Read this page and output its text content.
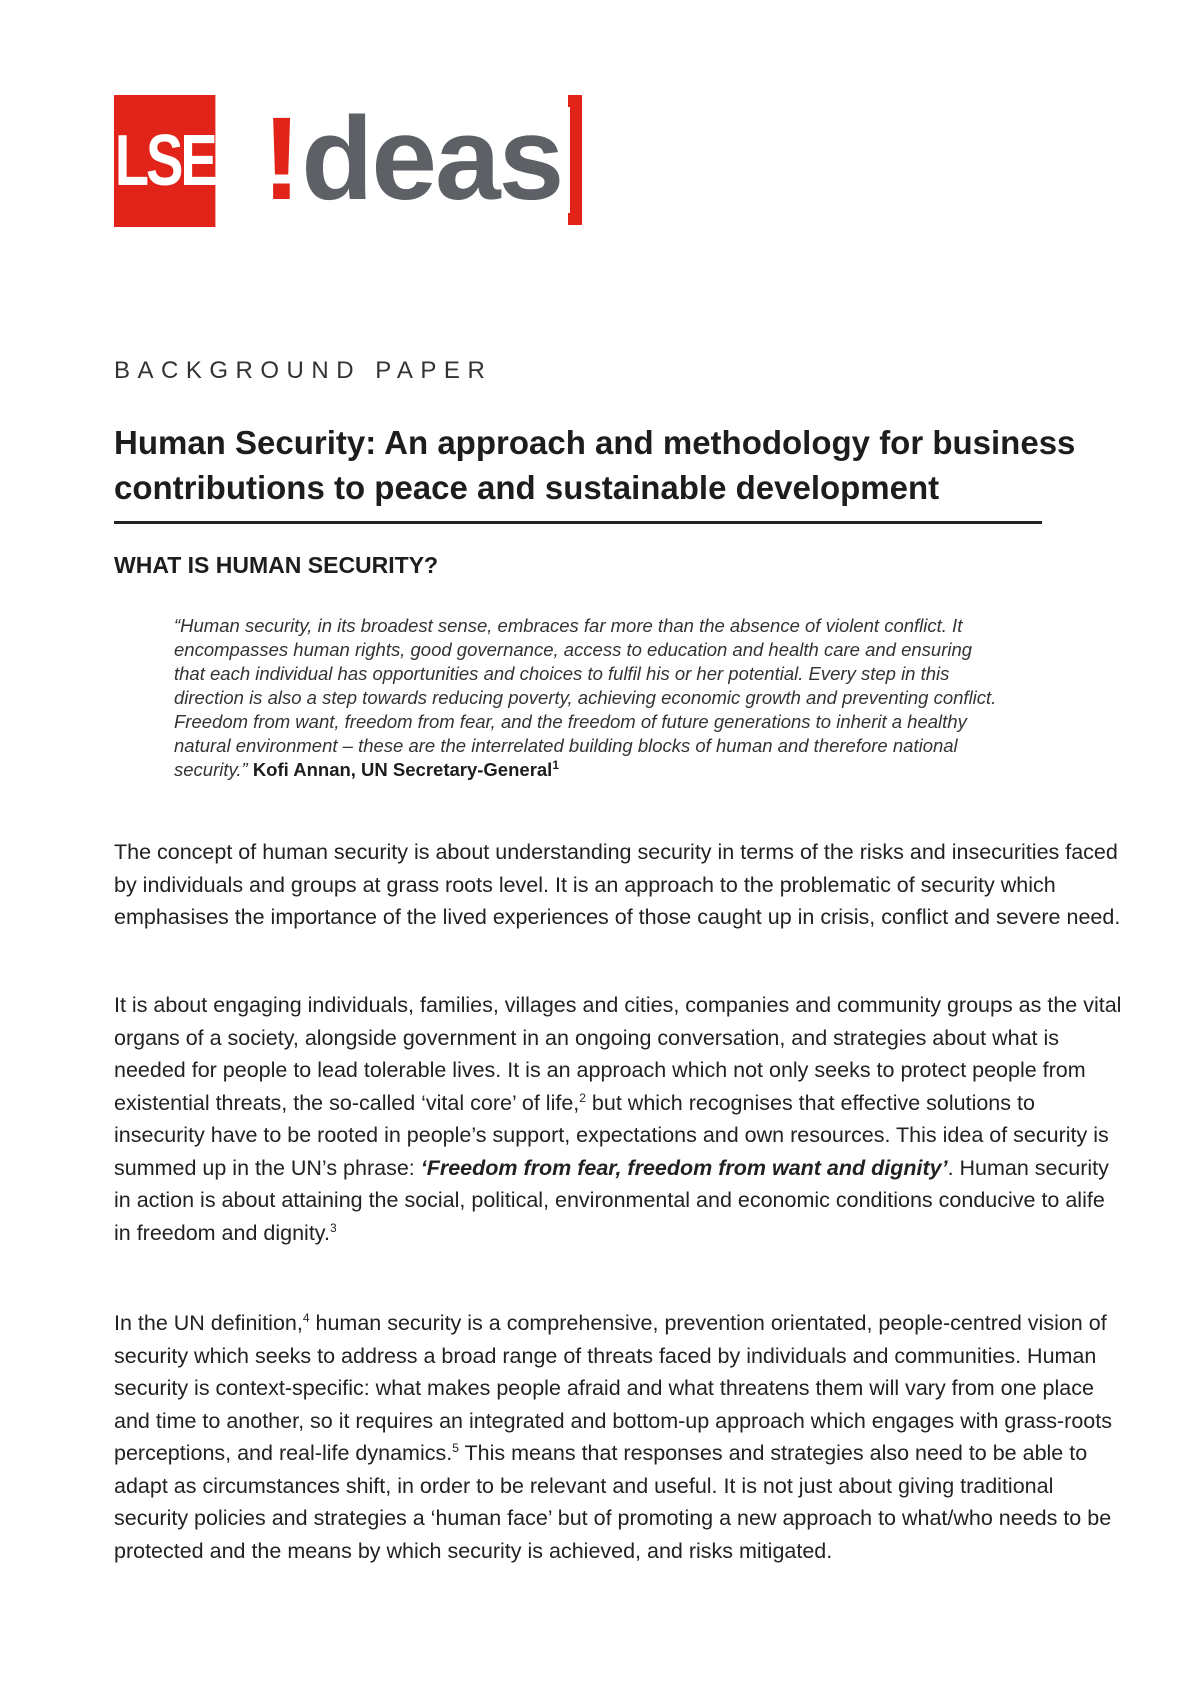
LSE ! deas
BACKGROUND PAPER
Human Security: An approach and methodology for business contributions to peace and sustainable development
WHAT IS HUMAN SECURITY?

“Human security, in its broadest sense, embraces far more than the absence of violent conflict. It encompasses human rights, good governance, access to education and health care and ensuring that each individual has opportunities and choices to fulfil his or her potential. Every step in this direction is also a step towards reducing poverty, achieving economic growth and preventing conflict. Freedom from want, freedom from fear, and the freedom of future generations to inherit a healthy natural environment – these are the interrelated building blocks of human and therefore national security.” Kofi Annan, UN Secretary-General$^1$

The concept of human security is about understanding security in terms of the risks and insecurities faced by individuals and groups at grass roots level. It is an approach to the problematic of security which emphasises the importance of the lived experiences of those caught up in crisis, conflict and severe need.

It is about engaging individuals, families, villages and cities, companies and community groups as the vital organs of a society, alongside government in an ongoing conversation, and strategies about what is needed for people to lead tolerable lives. It is an approach which not only seeks to protect people from existential threats, the so-called ‘vital core’ of life,$^2$ but which recognises that effective solutions to insecurity have to be rooted in people’s support, expectations and own resources. This idea of security is summed up in the UN’s phrase: ‘Freedom from fear, freedom from want and dignity’. Human security in action is about attaining the social, political, environmental and economic conditions conducive to alife in freedom and dignity.$^3$

In the UN definition,$^4$ human security is a comprehensive, prevention orientated, people-centred vision of security which seeks to address a broad range of threats faced by individuals and communities. Human security is context-specific: what makes people afraid and what threatens them will vary from one place and time to another, so it requires an integrated and bottom-up approach which engages with grass-roots perceptions, and real-life dynamics.$^5$ This means that responses and strategies also need to be able to adapt as circumstances shift, in order to be relevant and useful. It is not just about giving traditional security policies and strategies a ‘human face’ but of promoting a new approach to what/who needs to be protected and the means by which security is achieved, and risks mitigated.
